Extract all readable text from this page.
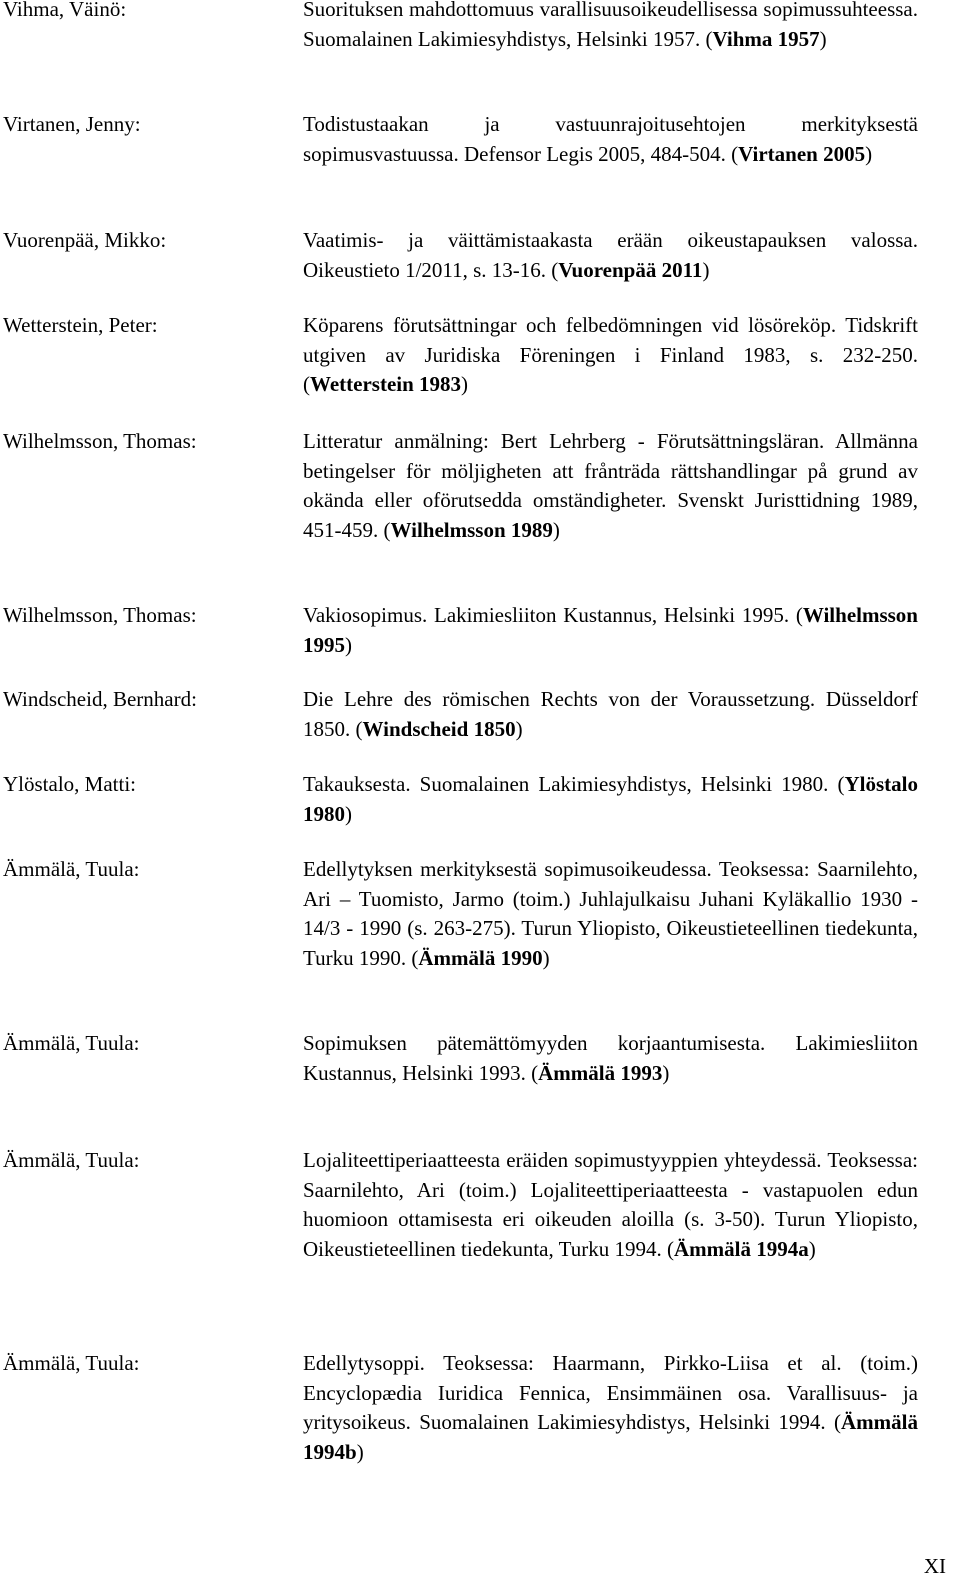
Vihma, Väinö:	Suorituksen mahdottomuus varallisuusoikeudellisessa sopimussuhteessa. Suomalainen Lakimiesyhdistys, Helsinki 1957. (Vihma 1957)
Virtanen, Jenny:	Todistustaakan ja vastuunrajoitusehtojen merkityksestä sopimusvastuussa. Defensor Legis 2005, 484-504. (Virtanen 2005)
Vuorenpää, Mikko:	Vaatimis- ja väittämistaakasta erään oikeustapauksen valossa. Oikeustieto 1/2011, s. 13-16. (Vuorenpää 2011)
Wetterstein, Peter:	Köparens förutsättningar och felbedömningen vid lösöreköp. Tidskrift utgiven av Juridiska Föreningen i Finland 1983, s. 232-250. (Wetterstein 1983)
Wilhelmsson, Thomas:	Litteratur anmälning: Bert Lehrberg - Förutsättningsläran. Allmänna betingelser för möljigheten att frånträda rättshandlingar på grund av okända eller oförutsedda omständigheter. Svenskt Juristtidning 1989, 451-459. (Wilhelmsson 1989)
Wilhelmsson, Thomas:	Vakiosopimus. Lakimiesliiton Kustannus, Helsinki 1995. (Wilhelmsson 1995)
Windscheid, Bernhard:	Die Lehre des römischen Rechts von der Voraussetzung. Düsseldorf 1850. (Windscheid 1850)
Ylöstalo, Matti:	Takauksesta. Suomalainen Lakimiesyhdistys, Helsinki 1980. (Ylöstalo 1980)
Ämmälä, Tuula:	Edellytyksen merkityksestä sopimusoikeudessa. Teoksessa: Saarnilehto, Ari – Tuomisto, Jarmo (toim.) Juhlajulkaisu Juhani Kyläkallio 1930 - 14/3 - 1990 (s. 263-275). Turun Yliopisto, Oikeustieteellinen tiedekunta, Turku 1990. (Ämmälä 1990)
Ämmälä, Tuula:	Sopimuksen pätemättömyyden korjaantumisesta. Lakimiesliiton Kustannus, Helsinki 1993. (Ämmälä 1993)
Ämmälä, Tuula:	Lojaliteettiperiaatteesta eräiden sopimustyyppien yhteydessä. Teoksessa: Saarnilehto, Ari (toim.) Lojaliteettiperiaatteesta - vastapuolen edun huomioon ottamisesta eri oikeuden aloilla (s. 3-50). Turun Yliopisto, Oikeustieteellinen tiedekunta, Turku 1994. (Ämmälä 1994a)
Ämmälä, Tuula:	Edellytysoppi. Teoksessa: Haarmann, Pirkko-Liisa et al. (toim.) Encyclopædia Iuridica Fennica, Ensimmäinen osa. Varallisuus- ja yritysoikeus. Suomalainen Lakimiesyhdistys, Helsinki 1994. (Ämmälä 1994b)
XI
